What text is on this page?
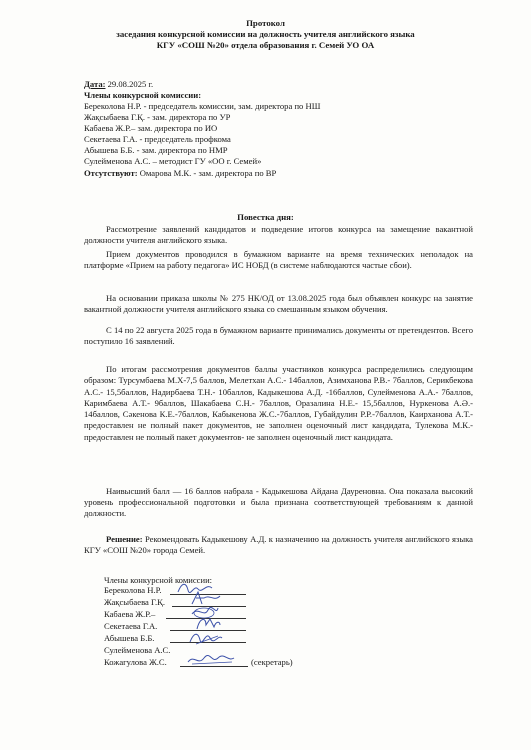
Протокол
заседания конкурсной комиссии на должность учителя английского языка
КГУ «СОШ №20» отдела образования г. Семей УО ОА
Дата: 29.08.2025 г.
Члены конкурсной комиссии:
Береколова Н.Р. - председатель комиссии, зам. директора по НШ
Жақсыбаева Г.Қ. - зам. директора по УР
Кабаева Ж.Р.– зам. директора по ИО
Секетаева Г.А. - председатель профкома
Абышева Б.Б. - зам. директора по НМР
Сулейменова А.С. – методист ГУ «ОО г. Семей»
Отсутствуют: Омарова М.К. - зам. директора по ВР
Повестка дня:
Рассмотрение заявлений кандидатов и подведение итогов конкурса на замещение вакантной должности учителя английского языка.
Прием документов проводился в бумажном варианте на время технических неполадок на платформе «Прием на работу педагога» ИС НОБД (в системе наблюдаются частые сбои).
На основании приказа школы № 275 НК/ОД от 13.08.2025 года был объявлен конкурс на занятие вакантной должности учителя английского языка со смешанным языком обучения.
С 14 по 22 августа 2025 года в бумажном варианте принимались документы от претендентов. Всего поступило 16 заявлений.
По итогам рассмотрения документов баллы участников конкурса распределились следующим образом: Турсумбаева М.Х-7,5 баллов, Мелетхан А.С.- 14баллов, Азимханова Р.В.- 7баллов, Серикбекова А.С.- 15,5баллов, Надирбаева Т.Н.- 10баллов, Кадыкешова А.Д. -16баллов, Сулейменова А.А.- 7баллов, Каримбаева А.Т.- 9баллов, Шакабаева С.Н.- 7баллов, Оразалина Н.Е.- 15,5баллов, Нуркенова А.Ә.- 14баллов, Сәкенова К.Е.-7баллов, Кабыкенова Ж.С.-7баллов, Губайдулин Р.Р.-7баллов, Каирханова А.Т.- предоставлен не полный пакет документов, не заполнен оценочный лист кандидата, Тулекова М.К.- предоставлен не полный пакет документов- не заполнен оценочный лист кандидата.
Наивысший балл — 16 баллов набрала - Кадыкешова Айдана Дауреновна. Она показала высокий уровень профессиональной подготовки и была признана соответствующей требованиям к данной должности.
Решение: Рекомендовать Кадыкешову А.Д. к назначению на должность учителя английского языка КГУ «СОШ №20» города Семей.
Члены конкурсной комиссии:
Береколова Н.Р.
Жақсыбаева Г.Қ.
Кабаева Ж.Р.–
Секетаева Г.А.
Абышева Б.Б.
Сулейменова А.С.
Кожагулова Ж.С.	(секретарь)
